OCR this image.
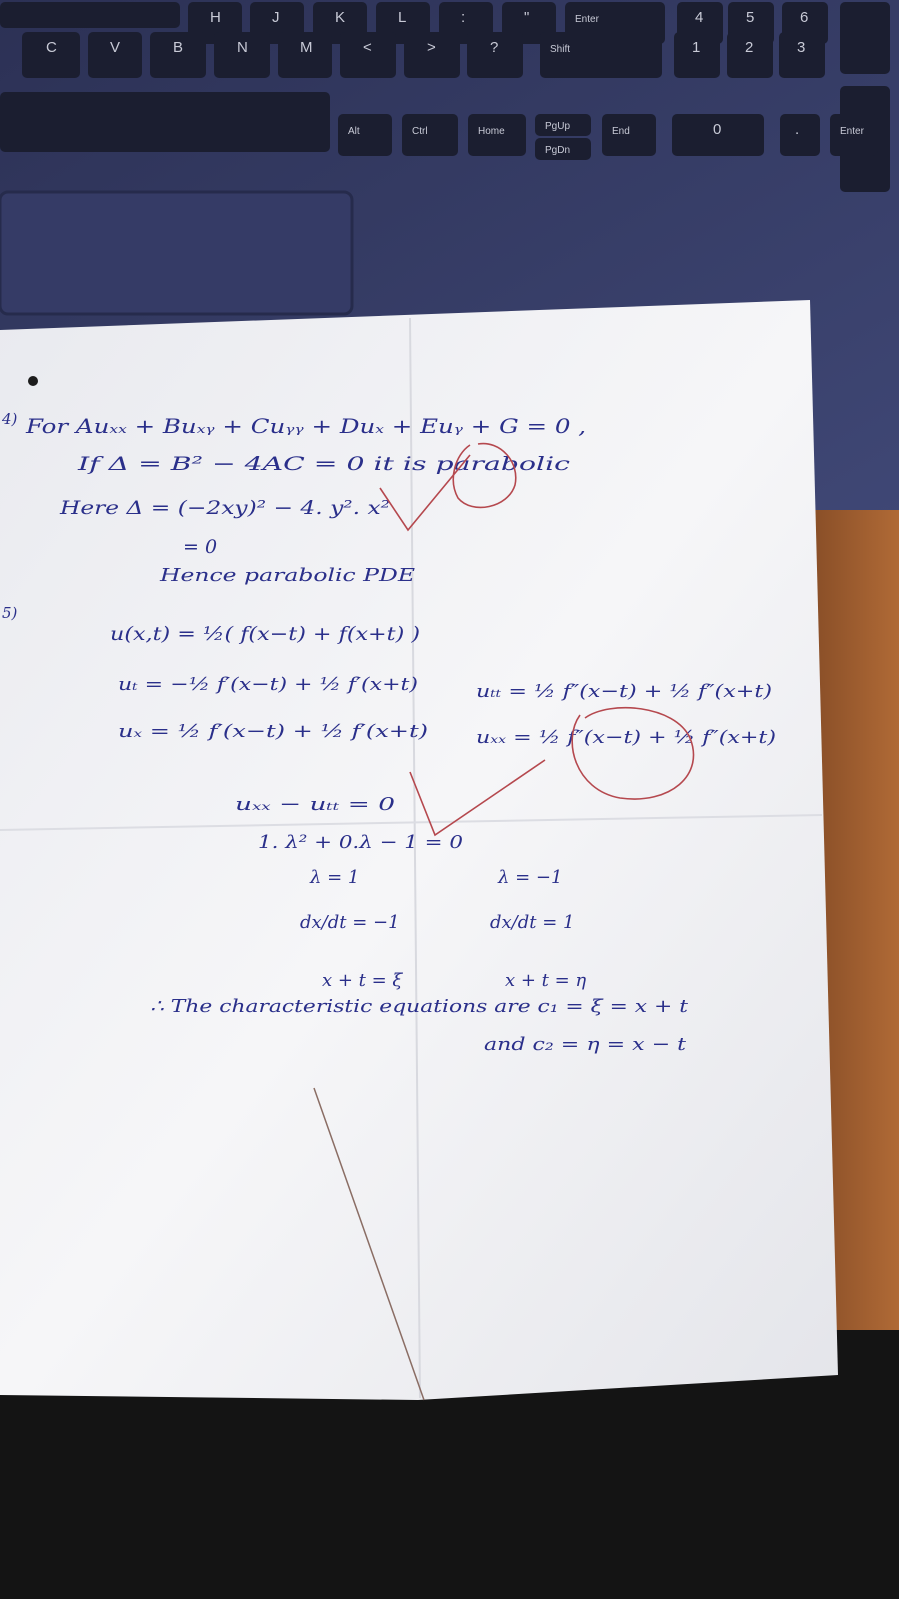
H	J	K	L	:	"	Enter	4	5	6
C	V	B	N	M	<	>	?	Shift	1	2	3
Alt	Ctrl	Home	PgUp
PgDn
End	0	.	Enter
4) For Auₓₓ + Buₓᵧ + Cuᵧᵧ + Duₓ + Euᵧ + G = 0 ,
If Δ = B² − 4AC = 0 it is parabolic
Here Δ = (−2xy)² − 4. y². x²
= 0
Hence parabolic PDE
5)
u(x,t) = ½( f(x−t) + f(x+t) )
uₜ = −½ f′(x−t) + ½ f′(x+t)	uₜₜ = ½ f″(x−t) + ½ f″(x+t)
uₓ = ½ f′(x−t) + ½ f′(x+t)	uₓₓ = ½ f″(x−t) + ½ f″(x+t)
uₓₓ − uₜₜ = 0
1. λ² + 0.λ − 1 = 0
λ = 1	λ = −1
dx/dt = −1	dx/dt = 1
x + t = ξ	x + t = η
∴ The characteristic equations are c₁ = ξ = x + t
and c₂ = η = x − t
